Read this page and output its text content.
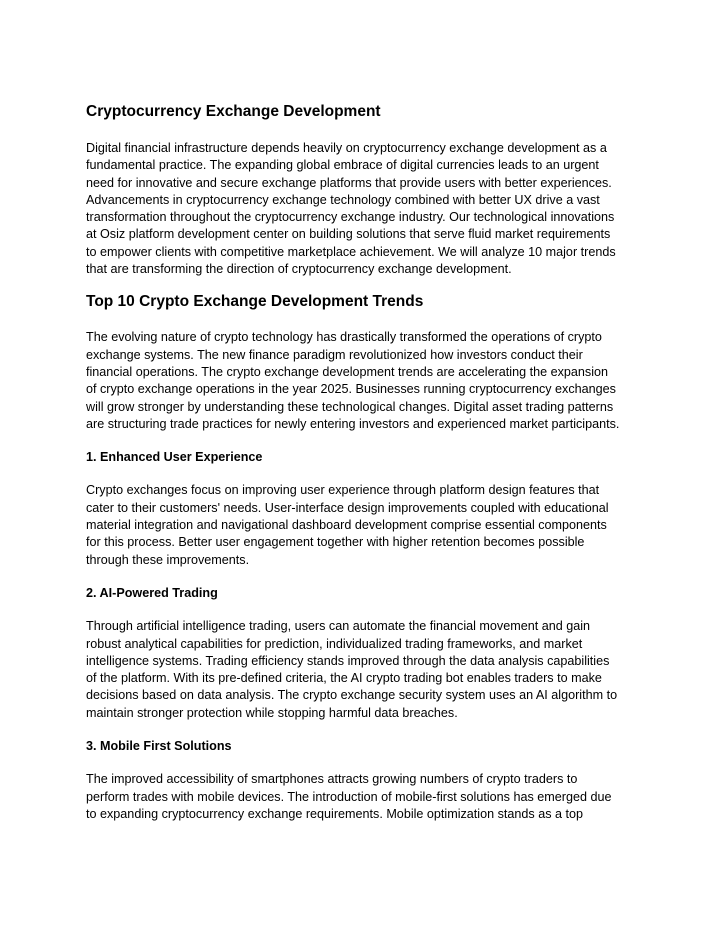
Cryptocurrency Exchange Development

Digital financial infrastructure depends heavily on cryptocurrency exchange development as a
fundamental practice. The expanding global embrace of digital currencies leads to an urgent
need for innovative and secure exchange platforms that provide users with better experiences.
Advancements in cryptocurrency exchange technology combined with better UX drive a vast
transformation throughout the cryptocurrency exchange industry. Our technological innovations
at Osiz platform development center on building solutions that serve fluid market requirements
to empower clients with competitive marketplace achievement. We will analyze 10 major trends
that are transforming the direction of cryptocurrency exchange development.

Top 10 Crypto Exchange Development Trends

The evolving nature of crypto technology has drastically transformed the operations of crypto
exchange systems. The new finance paradigm revolutionized how investors conduct their
financial operations. The crypto exchange development trends are accelerating the expansion
of crypto exchange operations in the year 2025. Businesses running cryptocurrency exchanges
will grow stronger by understanding these technological changes. Digital asset trading patterns
are structuring trade practices for newly entering investors and experienced market participants.

1. Enhanced User Experience

Crypto exchanges focus on improving user experience through platform design features that
cater to their customers' needs. User-interface design improvements coupled with educational
material integration and navigational dashboard development comprise essential components
for this process. Better user engagement together with higher retention becomes possible
through these improvements.

2. AI-Powered Trading

Through artificial intelligence trading, users can automate the financial movement and gain
robust analytical capabilities for prediction, individualized trading frameworks, and market
intelligence systems. Trading efficiency stands improved through the data analysis capabilities
of the platform. With its pre-defined criteria, the AI crypto trading bot enables traders to make
decisions based on data analysis. The crypto exchange security system uses an AI algorithm to
maintain stronger protection while stopping harmful data breaches.

3. Mobile First Solutions

The improved accessibility of smartphones attracts growing numbers of crypto traders to
perform trades with mobile devices. The introduction of mobile-first solutions has emerged due
to expanding cryptocurrency exchange requirements. Mobile optimization stands as a top
